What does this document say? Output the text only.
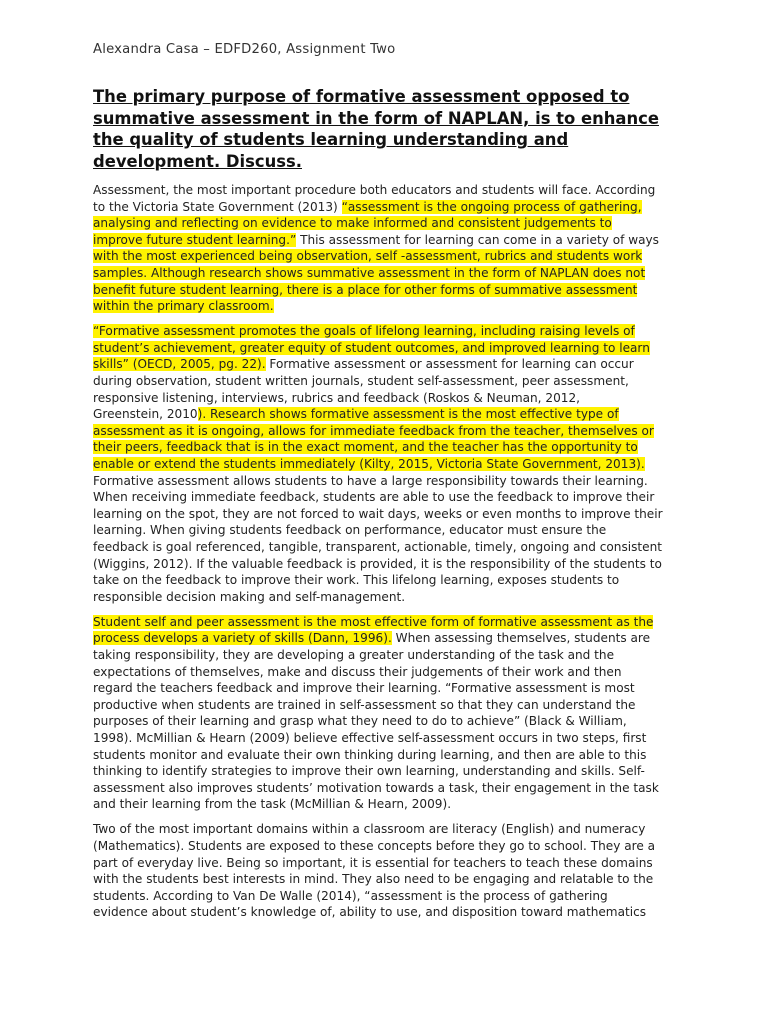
Alexandra Casa – EDFD260, Assignment Two
The primary purpose of formative assessment opposed to
summative assessment in the form of NAPLAN, is to enhance
the quality of students learning understanding and
development. Discuss.

Assessment, the most important procedure both educators and students will face. According
to the Victoria State Government (2013) “assessment is the ongoing process of gathering,
analysing and reflecting on evidence to make informed and consistent judgements to
improve future student learning.” This assessment for learning can come in a variety of ways
with the most experienced being observation, self -assessment, rubrics and students work
samples. Although research shows summative assessment in the form of NAPLAN does not
benefit future student learning, there is a place for other forms of summative assessment
within the primary classroom.

“Formative assessment promotes the goals of lifelong learning, including raising levels of
student’s achievement, greater equity of student outcomes, and improved learning to learn
skills” (OECD, 2005, pg. 22). Formative assessment or assessment for learning can occur
during observation, student written journals, student self-assessment, peer assessment,
responsive listening, interviews, rubrics and feedback (Roskos & Neuman, 2012,
Greenstein, 2010). Research shows formative assessment is the most effective type of
assessment as it is ongoing, allows for immediate feedback from the teacher, themselves or
their peers, feedback that is in the exact moment, and the teacher has the opportunity to
enable or extend the students immediately (Kilty, 2015, Victoria State Government, 2013).
Formative assessment allows students to have a large responsibility towards their learning.
When receiving immediate feedback, students are able to use the feedback to improve their
learning on the spot, they are not forced to wait days, weeks or even months to improve their
learning. When giving students feedback on performance, educator must ensure the
feedback is goal referenced, tangible, transparent, actionable, timely, ongoing and consistent
(Wiggins, 2012). If the valuable feedback is provided, it is the responsibility of the students to
take on the feedback to improve their work. This lifelong learning, exposes students to
responsible decision making and self-management.

Student self and peer assessment is the most effective form of formative assessment as the
process develops a variety of skills (Dann, 1996). When assessing themselves, students are
taking responsibility, they are developing a greater understanding of the task and the
expectations of themselves, make and discuss their judgements of their work and then
regard the teachers feedback and improve their learning. “Formative assessment is most
productive when students are trained in self-assessment so that they can understand the
purposes of their learning and grasp what they need to do to achieve” (Black & William,
1998). McMillian & Hearn (2009) believe effective self-assessment occurs in two steps, first
students monitor and evaluate their own thinking during learning, and then are able to this
thinking to identify strategies to improve their own learning, understanding and skills. Self-
assessment also improves students’ motivation towards a task, their engagement in the task
and their learning from the task (McMillian & Hearn, 2009).

Two of the most important domains within a classroom are literacy (English) and numeracy
(Mathematics). Students are exposed to these concepts before they go to school. They are a
part of everyday live. Being so important, it is essential for teachers to teach these domains
with the students best interests in mind. They also need to be engaging and relatable to the
students. According to Van De Walle (2014), “assessment is the process of gathering
evidence about student’s knowledge of, ability to use, and disposition toward mathematics
